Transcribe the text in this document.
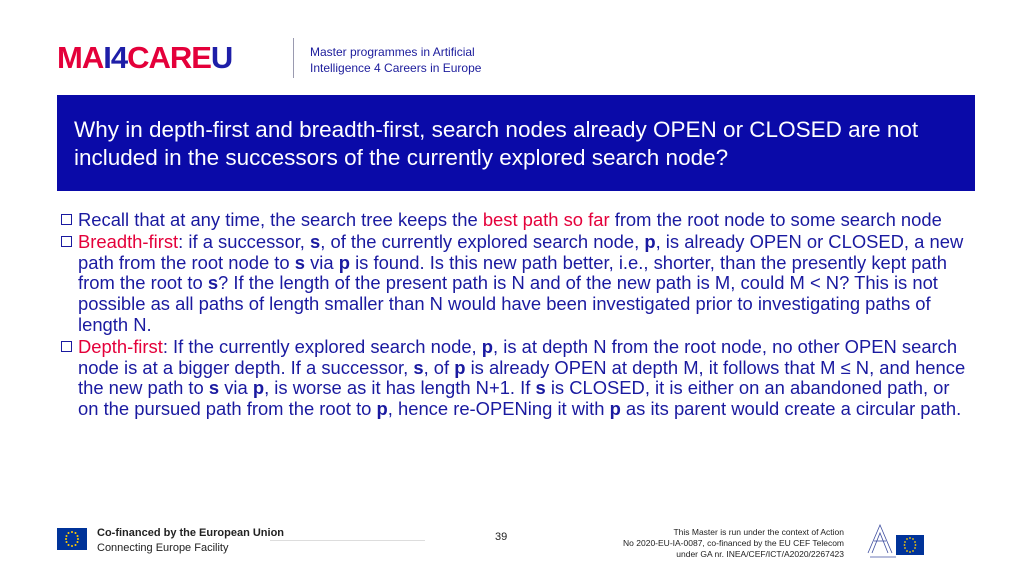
MAI4CAREU	Master programmes in Artificial
Intelligence 4 Careers in Europe
Why in depth-first and breadth-first, search nodes already OPEN or CLOSED are not included in the successors of the currently explored search node?
Recall that at any time, the search tree keeps the best path so far from the root node to some search node
Breadth-first: if a successor, s, of the currently explored search node, p, is already OPEN or CLOSED, a new path from the root node to s via p is found. Is this new path better, i.e., shorter, than the presently kept path from the root to s? If the length of the present path is N and of the new path is M, could M < N? This is not possible as all paths of length smaller than N would have been investigated prior to investigating paths of length N.
Depth-first: If the currently explored search node, p, is at depth N from the root node, no other OPEN search node is at a bigger depth. If a successor, s, of p is already OPEN at depth M, it follows that M ≤ N, and hence the new path to s via p, is worse as it has length N+1. If s is CLOSED, it is either on an abandoned path, or on the pursued path from the root to p, hence re-OPENing it with p as its parent would create a circular path.
Co-financed by the European Union
Connecting Europe Facility
39	This Master is run under the context of Action
No 2020-EU-IA-0087, co-financed by the EU CEF Telecom
under GA nr. INEA/CEF/ICT/A2020/2267423
